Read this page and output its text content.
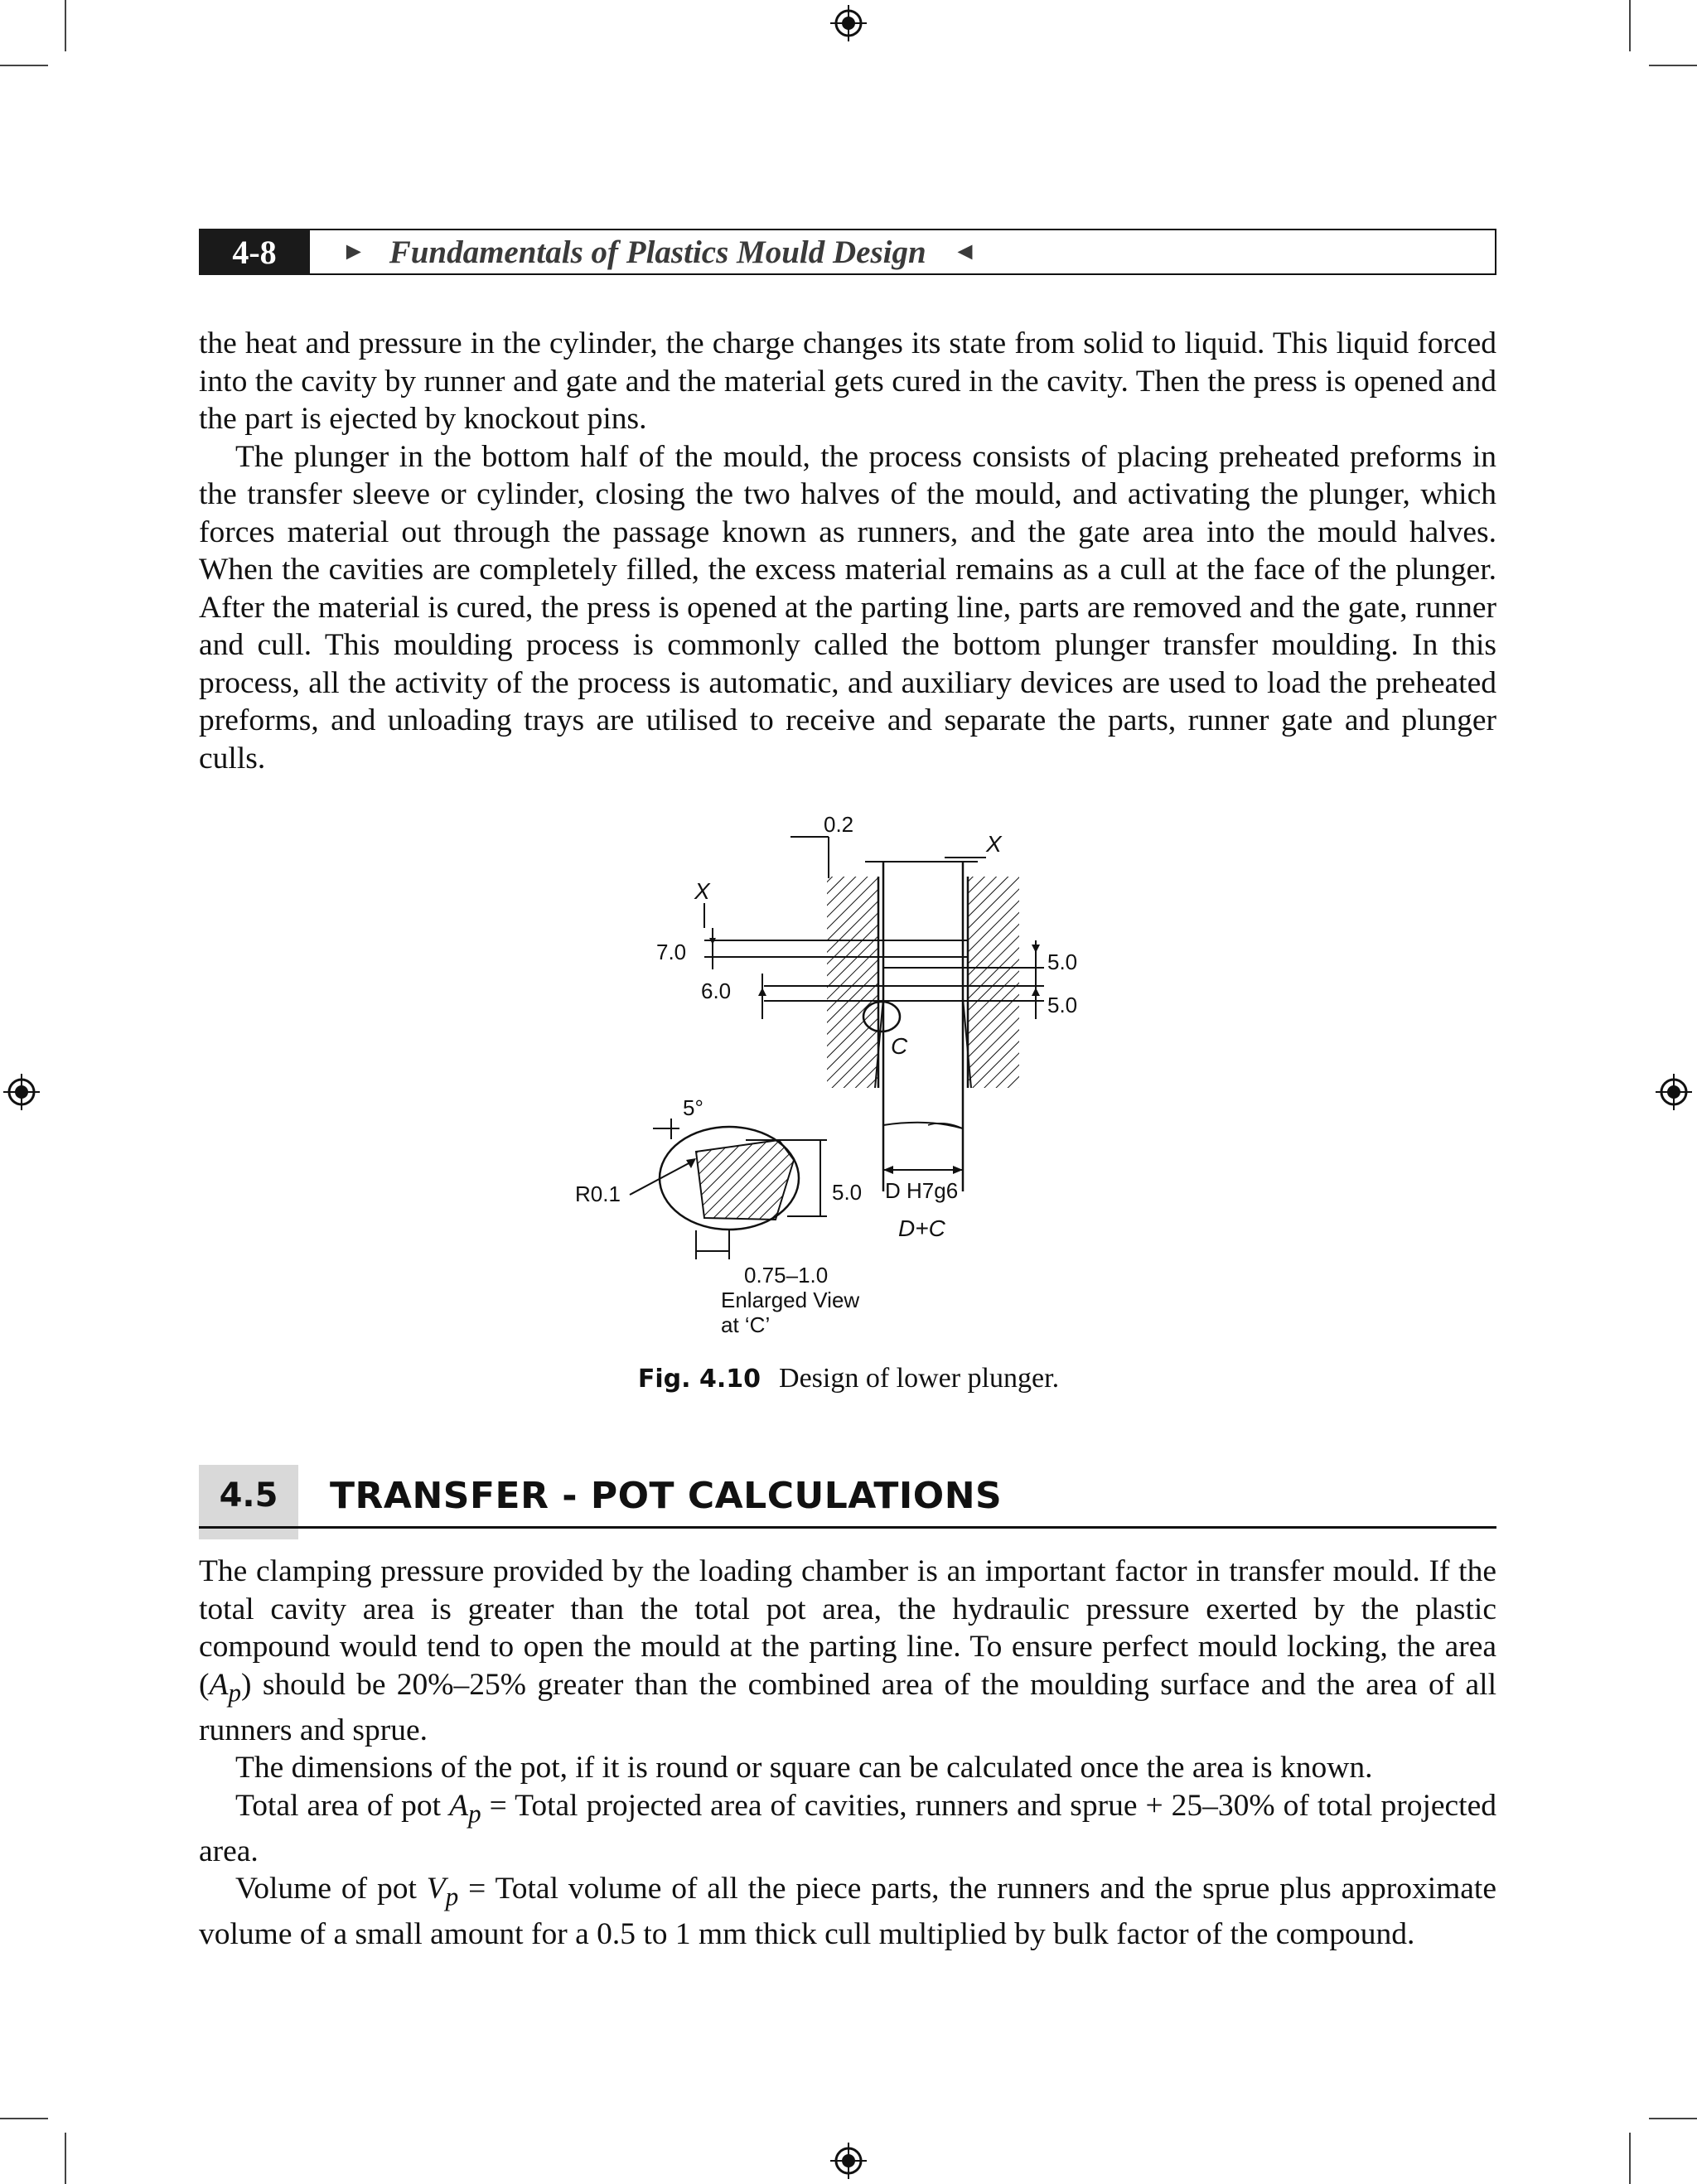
4-8	► Fundamentals of Plastics Mould Design ◄

the heat and pressure in the cylinder, the charge changes its state from solid to liquid. This liquid forced into the cavity by runner and gate and the material gets cured in the cavity. Then the press is opened and the part is ejected by knockout pins.

The plunger in the bottom half of the mould, the process consists of placing preheated preforms in the transfer sleeve or cylinder, closing the two halves of the mould, and activating the plunger, which forces material out through the passage known as runners, and the gate area into the mould halves. When the cavities are completely filled, the excess material remains as a cull at the face of the plunger. After the material is cured, the press is opened at the parting line, parts are removed and the gate, runner and cull. This moulding process is commonly called the bottom plunger transfer moulding. In this process, all the activity of the process is automatic, and auxiliary devices are used to load the preheated preforms, and unloading trays are utilised to receive and separate the parts, runner gate and plunger culls.

0.2
X
X
7.0
6.0
5.0
5.0
C
5°
R0.1	5.0 D H7g6
D+C
0.75–1.0
Enlarged View
at ‘C’
Fig. 4.10 Design of lower plunger.
4.5	TRANSFER - POT CALCULATIONS

The clamping pressure provided by the loading chamber is an important factor in transfer mould. If the total cavity area is greater than the total pot area, the hydraulic pressure exerted by the plastic compound would tend to open the mould at the parting line. To ensure perfect mould locking, the area $(A_p)$ should be 20%–25% greater than the combined area of the moulding surface and the area of all runners and sprue.

The dimensions of the pot, if it is round or square can be calculated once the area is known.

Total area of pot $A_p$ = Total projected area of cavities, runners and sprue + 25–30% of total projected area.

Volume of pot $V_p$ = Total volume of all the piece parts, the runners and the sprue plus approximate volume of a small amount for a 0.5 to 1 mm thick cull multiplied by bulk factor of the compound.
